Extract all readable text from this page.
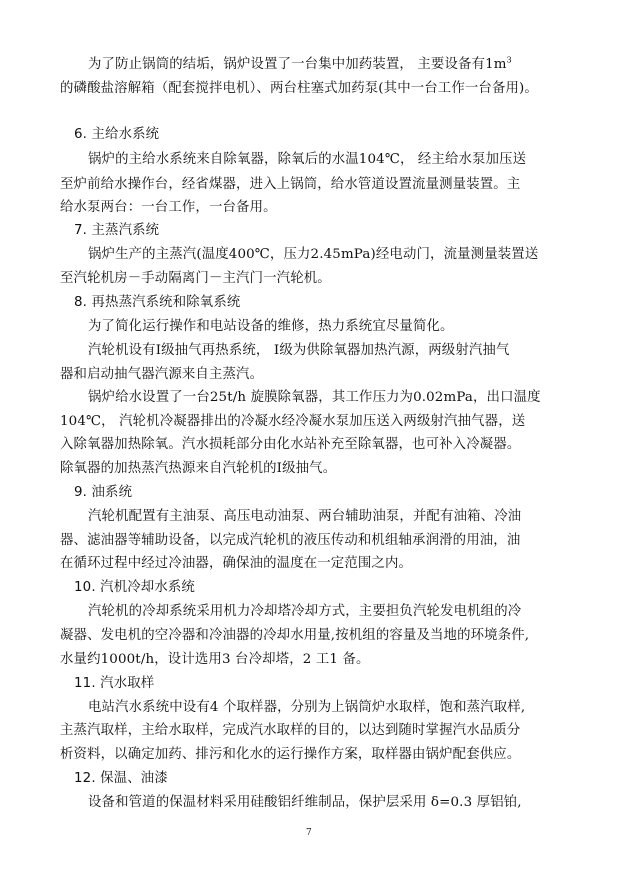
为了防止锅筒的结垢，锅炉设置了一台集中加药装置， 主要设备有$1m^3$
的磷酸盐溶解箱（配套搅拌电机）、两台柱塞式加药泵(其中一台工作一台备用)。
6. 主给水系统
锅炉的主给水系统来自除氧器，除氧后的水温104℃， 经主给水泵加压送
至炉前给水操作台，经省煤器，进入上锅筒，给水管道设置流量测量装置。主
给水泵两台：一台工作，一台备用。
7. 主蒸汽系统
锅炉生产的主蒸汽(温度400℃，压力2.45mPa)经电动门，流量测量装置送
至汽轮机房－手动隔离门－主汽门一汽轮机。
8. 再热蒸汽系统和除氧系统
为了简化运行操作和电站设备的维修，热力系统宜尽量简化。
汽轮机设有Ⅰ级抽气再热系统， Ⅰ级为供除氧器加热汽源，两级射汽抽气
器和启动抽气器汽源来自主蒸汽。
锅炉给水设置了一台25t/h 旋膜除氧器，其工作压力为0.02mPa，出口温度
104℃， 汽轮机冷凝器排出的冷凝水经冷凝水泵加压送入两级射汽抽气器，送
入除氧器加热除氧。汽水损耗部分由化水站补充至除氧器，也可补入冷凝器。
除氧器的加热蒸汽热源来自汽轮机的Ⅰ级抽气。
9. 油系统
汽轮机配置有主油泵、高压电动油泵、两台辅助油泵，并配有油箱、冷油
器、滤油器等辅助设备，以完成汽轮机的液压传动和机组轴承润滑的用油，油
在循环过程中经过冷油器，确保油的温度在一定范围之内。
10. 汽机冷却水系统
汽轮机的冷却系统采用机力冷却塔冷却方式，主要担负汽轮发电机组的冷
凝器、发电机的空冷器和冷油器的冷却水用量,按机组的容量及当地的环境条件,
水量约1000t/h，设计选用3 台冷却塔，2 工1 备。
11. 汽水取样
电站汽水系统中设有4 个取样器，分别为上锅筒炉水取样，饱和蒸汽取样,
主蒸汽取样，主给水取样，完成汽水取样的目的，以达到随时掌握汽水品质分
析资料，以确定加药、排污和化水的运行操作方案，取样器由锅炉配套供应。
12. 保温、油漆
设备和管道的保温材料采用硅酸铝纤维制品，保护层采用 δ=0.3 厚铝铂,
7
